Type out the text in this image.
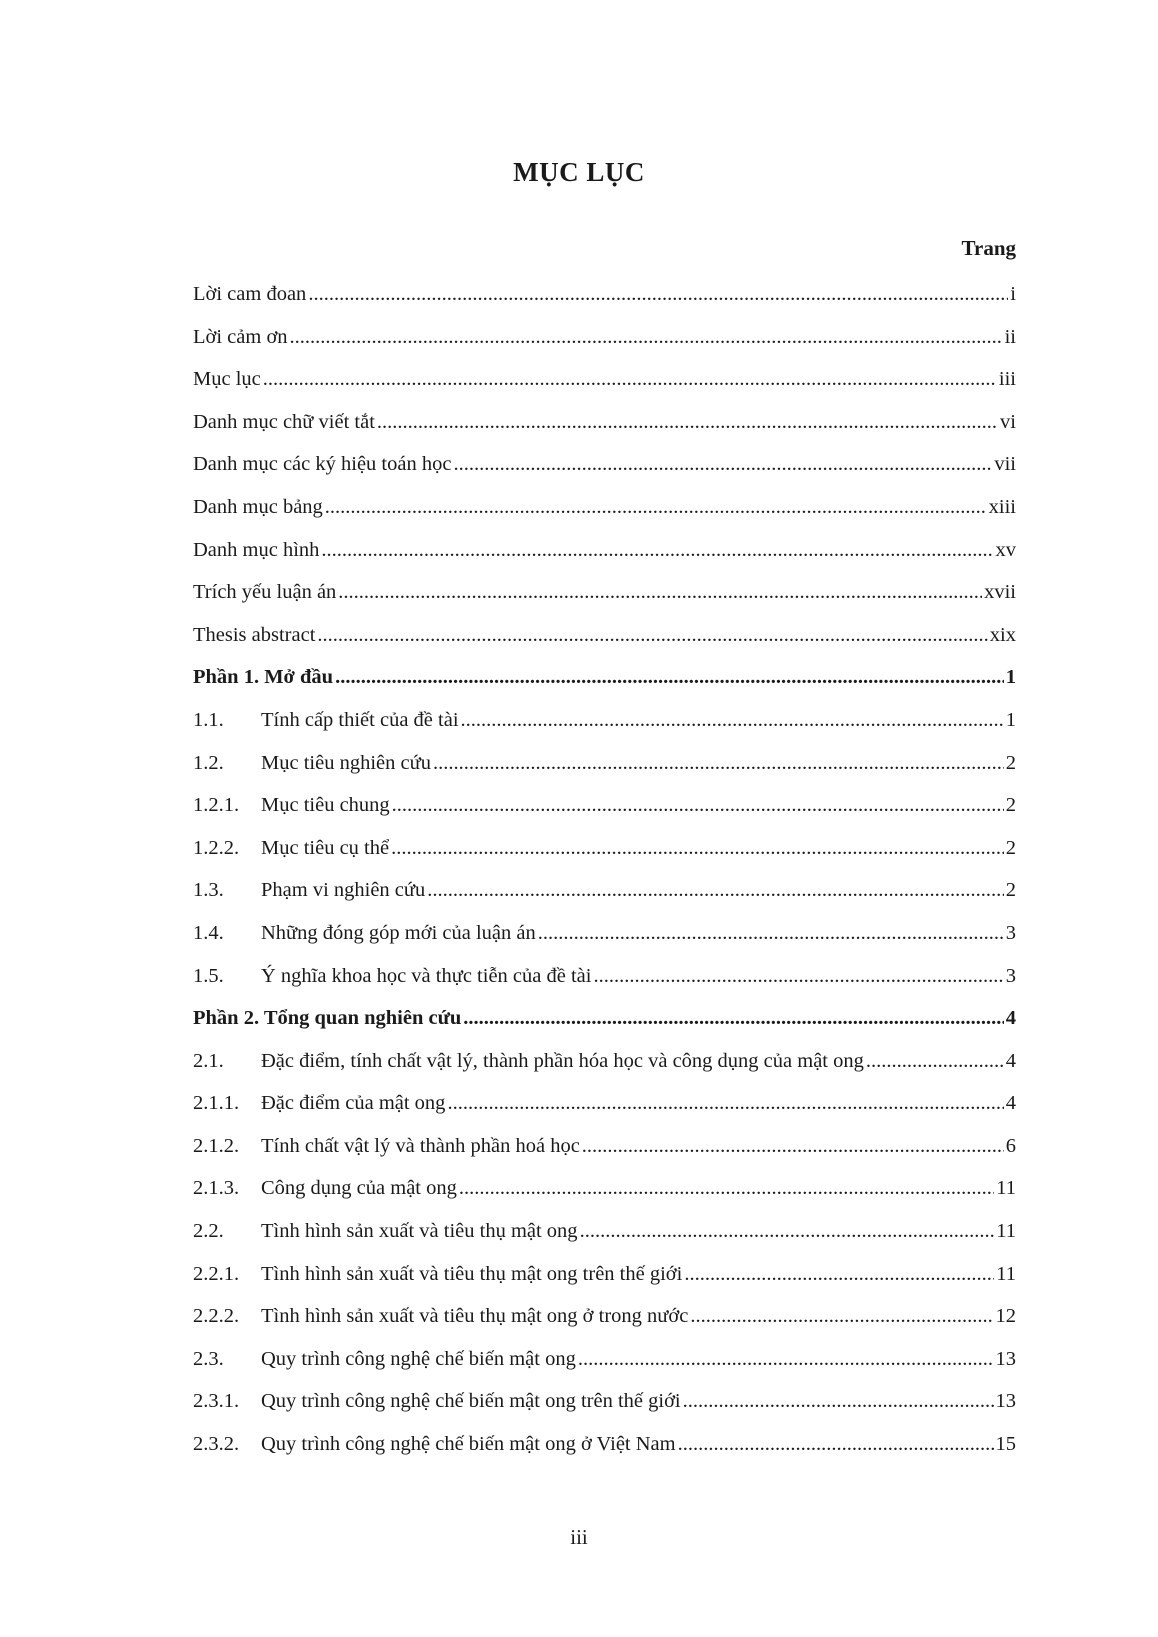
MỤC LỤC
Trang
Lời cam đoan .....	i
Lời cảm ơn .....	ii
Mục lục .....	iii
Danh mục chữ viết tắt .....	vi
Danh mục các ký hiệu toán học .....	vii
Danh mục bảng .....	xiii
Danh mục hình .....	xv
Trích yếu luận án .....	xvii
Thesis abstract .....	xix
Phần 1. Mở đầu .....	1
1.1.	Tính cấp thiết của đề tài .....	1
1.2.	Mục tiêu nghiên cứu .....	2
1.2.1.	Mục tiêu chung .....	2
1.2.2.	Mục tiêu cụ thể .....	2
1.3.	Phạm vi nghiên cứu .....	2
1.4.	Những đóng góp mới của luận án .....	3
1.5.	Ý nghĩa khoa học và thực tiễn của đề tài .....	3
Phần 2. Tổng quan nghiên cứu .....	4
2.1.	Đặc điểm, tính chất vật lý, thành phần hóa học và công dụng của mật ong .....	4
2.1.1.	Đặc điểm của mật ong .....	4
2.1.2.	Tính chất vật lý và thành phần hoá học .....	6
2.1.3.	Công dụng của mật ong .....	11
2.2.	Tình hình sản xuất và tiêu thụ mật ong .....	11
2.2.1.	Tình hình sản xuất và tiêu thụ mật ong trên thế giới .....	11
2.2.2.	Tình hình sản xuất và tiêu thụ mật ong ở trong nước .....	12
2.3.	Quy trình công nghệ chế biến mật ong .....	13
2.3.1.	Quy trình công nghệ chế biến mật ong trên thế giới .....	13
2.3.2.	Quy trình công nghệ chế biến mật ong ở Việt Nam .....	15
iii
